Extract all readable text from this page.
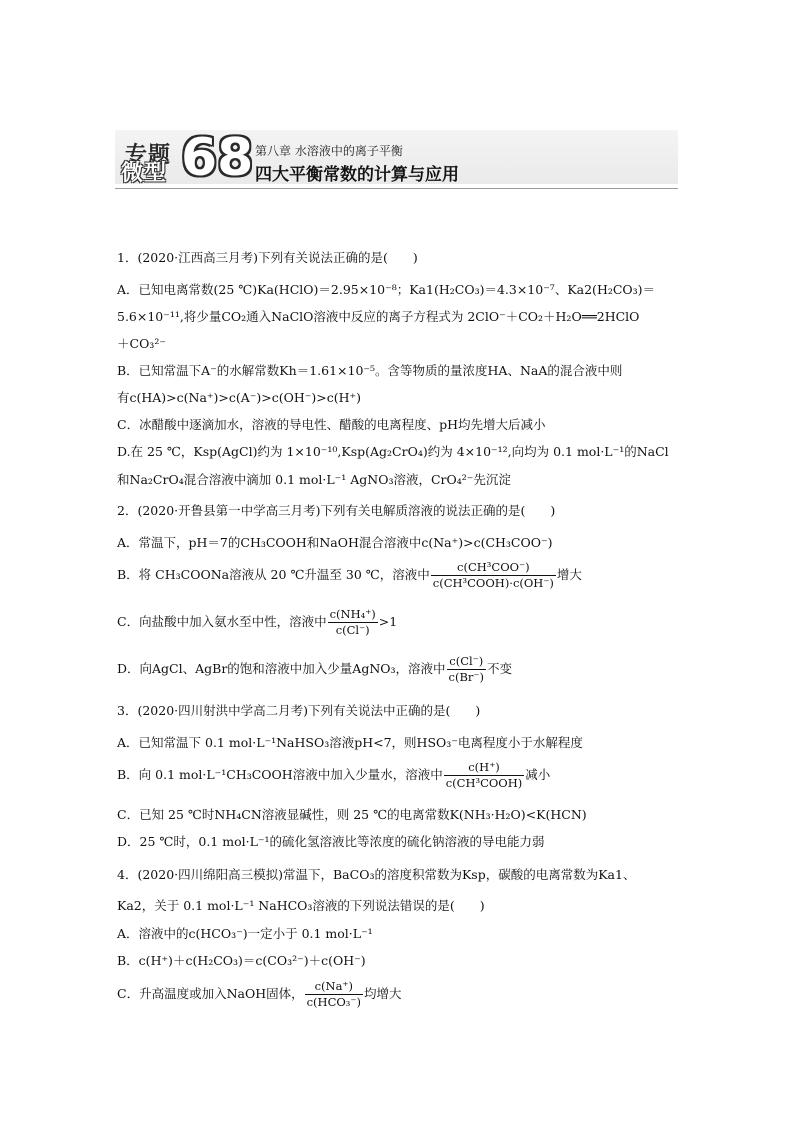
专题
微型 68 第八章 水溶液中的离子平衡
四大平衡常数的计算与应用
1．(2020·江西高三月考)下列有关说法正确的是(　　)
A．已知电离常数(25 ℃)Ka(HClO)＝2.95×10⁻⁸；Ka1(H₂CO₃)＝4.3×10⁻⁷、Ka2(H₂CO₃)＝
5.6×10⁻¹¹,将少量CO₂通入NaClO溶液中反应的离子方程式为 2ClO⁻＋CO₂＋H₂O══2HClO
＋CO₃²⁻
B．已知常温下A⁻的水解常数Kh＝1.61×10⁻⁵。含等物质的量浓度HA、NaA的混合液中则
有c(HA)>c(Na⁺)>c(A⁻)>c(OH⁻)>c(H⁺)
C．冰醋酸中逐滴加水，溶液的导电性、醋酸的电离程度、pH均先增大后减小
D.在 25 ℃，Ksp(AgCl)约为 1×10⁻¹⁰,Ksp(Ag₂CrO₄)约为 4×10⁻¹²,向均为 0.1 mol·L⁻¹的NaCl
和Na₂CrO₄混合溶液中滴加 0.1 mol·L⁻¹ AgNO₃溶液，CrO₄²⁻先沉淀
2．(2020·开鲁县第一中学高三月考)下列有关电解质溶液的说法正确的是(　　)
A．常温下，pH＝7的CH₃COOH和NaOH混合溶液中c(Na⁺)>c(CH₃COO⁻)
B．将 CH₃COONa溶液从 20 ℃升温至 30 ℃，溶液中 $\frac{\text{c(CH³COO⁻)}}{\text{c(CH³COOH)·c(OH⁻)}}$ 增大
C．向盐酸中加入氨水至中性，溶液中 $\frac{\text{c(NH₄⁺)}}{c(Cl^-)} >1$
D．向AgCl、AgBr的饱和溶液中加入少量AgNO₃，溶液中 $\frac{c(Cl^-)}{c(Br^-)}$ 不变
3．(2020·四川射洪中学高二月考)下列有关说法中正确的是(　　)
A．已知常温下 0.1 mol·L⁻¹NaHSO₃溶液pH<7，则HSO₃⁻电离程度小于水解程度
B．向 0.1 mol·L⁻¹CH₃COOH溶液中加入少量水，溶液中 $\frac{c(H^+)}{\text{c(CH³COOH)}}$ 减小
C．已知 25 ℃时NH₄CN溶液显碱性，则 25 ℃的电离常数K(NH₃·H₂O)<K(HCN)
D．25 ℃时，0.1 mol·L⁻¹的硫化氢溶液比等浓度的硫化钠溶液的导电能力弱
4．(2020·四川绵阳高三模拟)常温下，BaCO₃的溶度积常数为Ksp，碳酸的电离常数为Ka1、
Ka2，关于 0.1 mol·L⁻¹ NaHCO₃溶液的下列说法错误的是(　　)
A．溶液中的c(HCO₃⁻)一定小于 0.1 mol·L⁻¹
B．c(H⁺)＋c(H₂CO₃)＝c(CO₃²⁻)＋c(OH⁻)
C．升高温度或加入NaOH固体， $\frac{c(Na^+)}{\text{c(HCO₃⁻)}}$ 均增大
